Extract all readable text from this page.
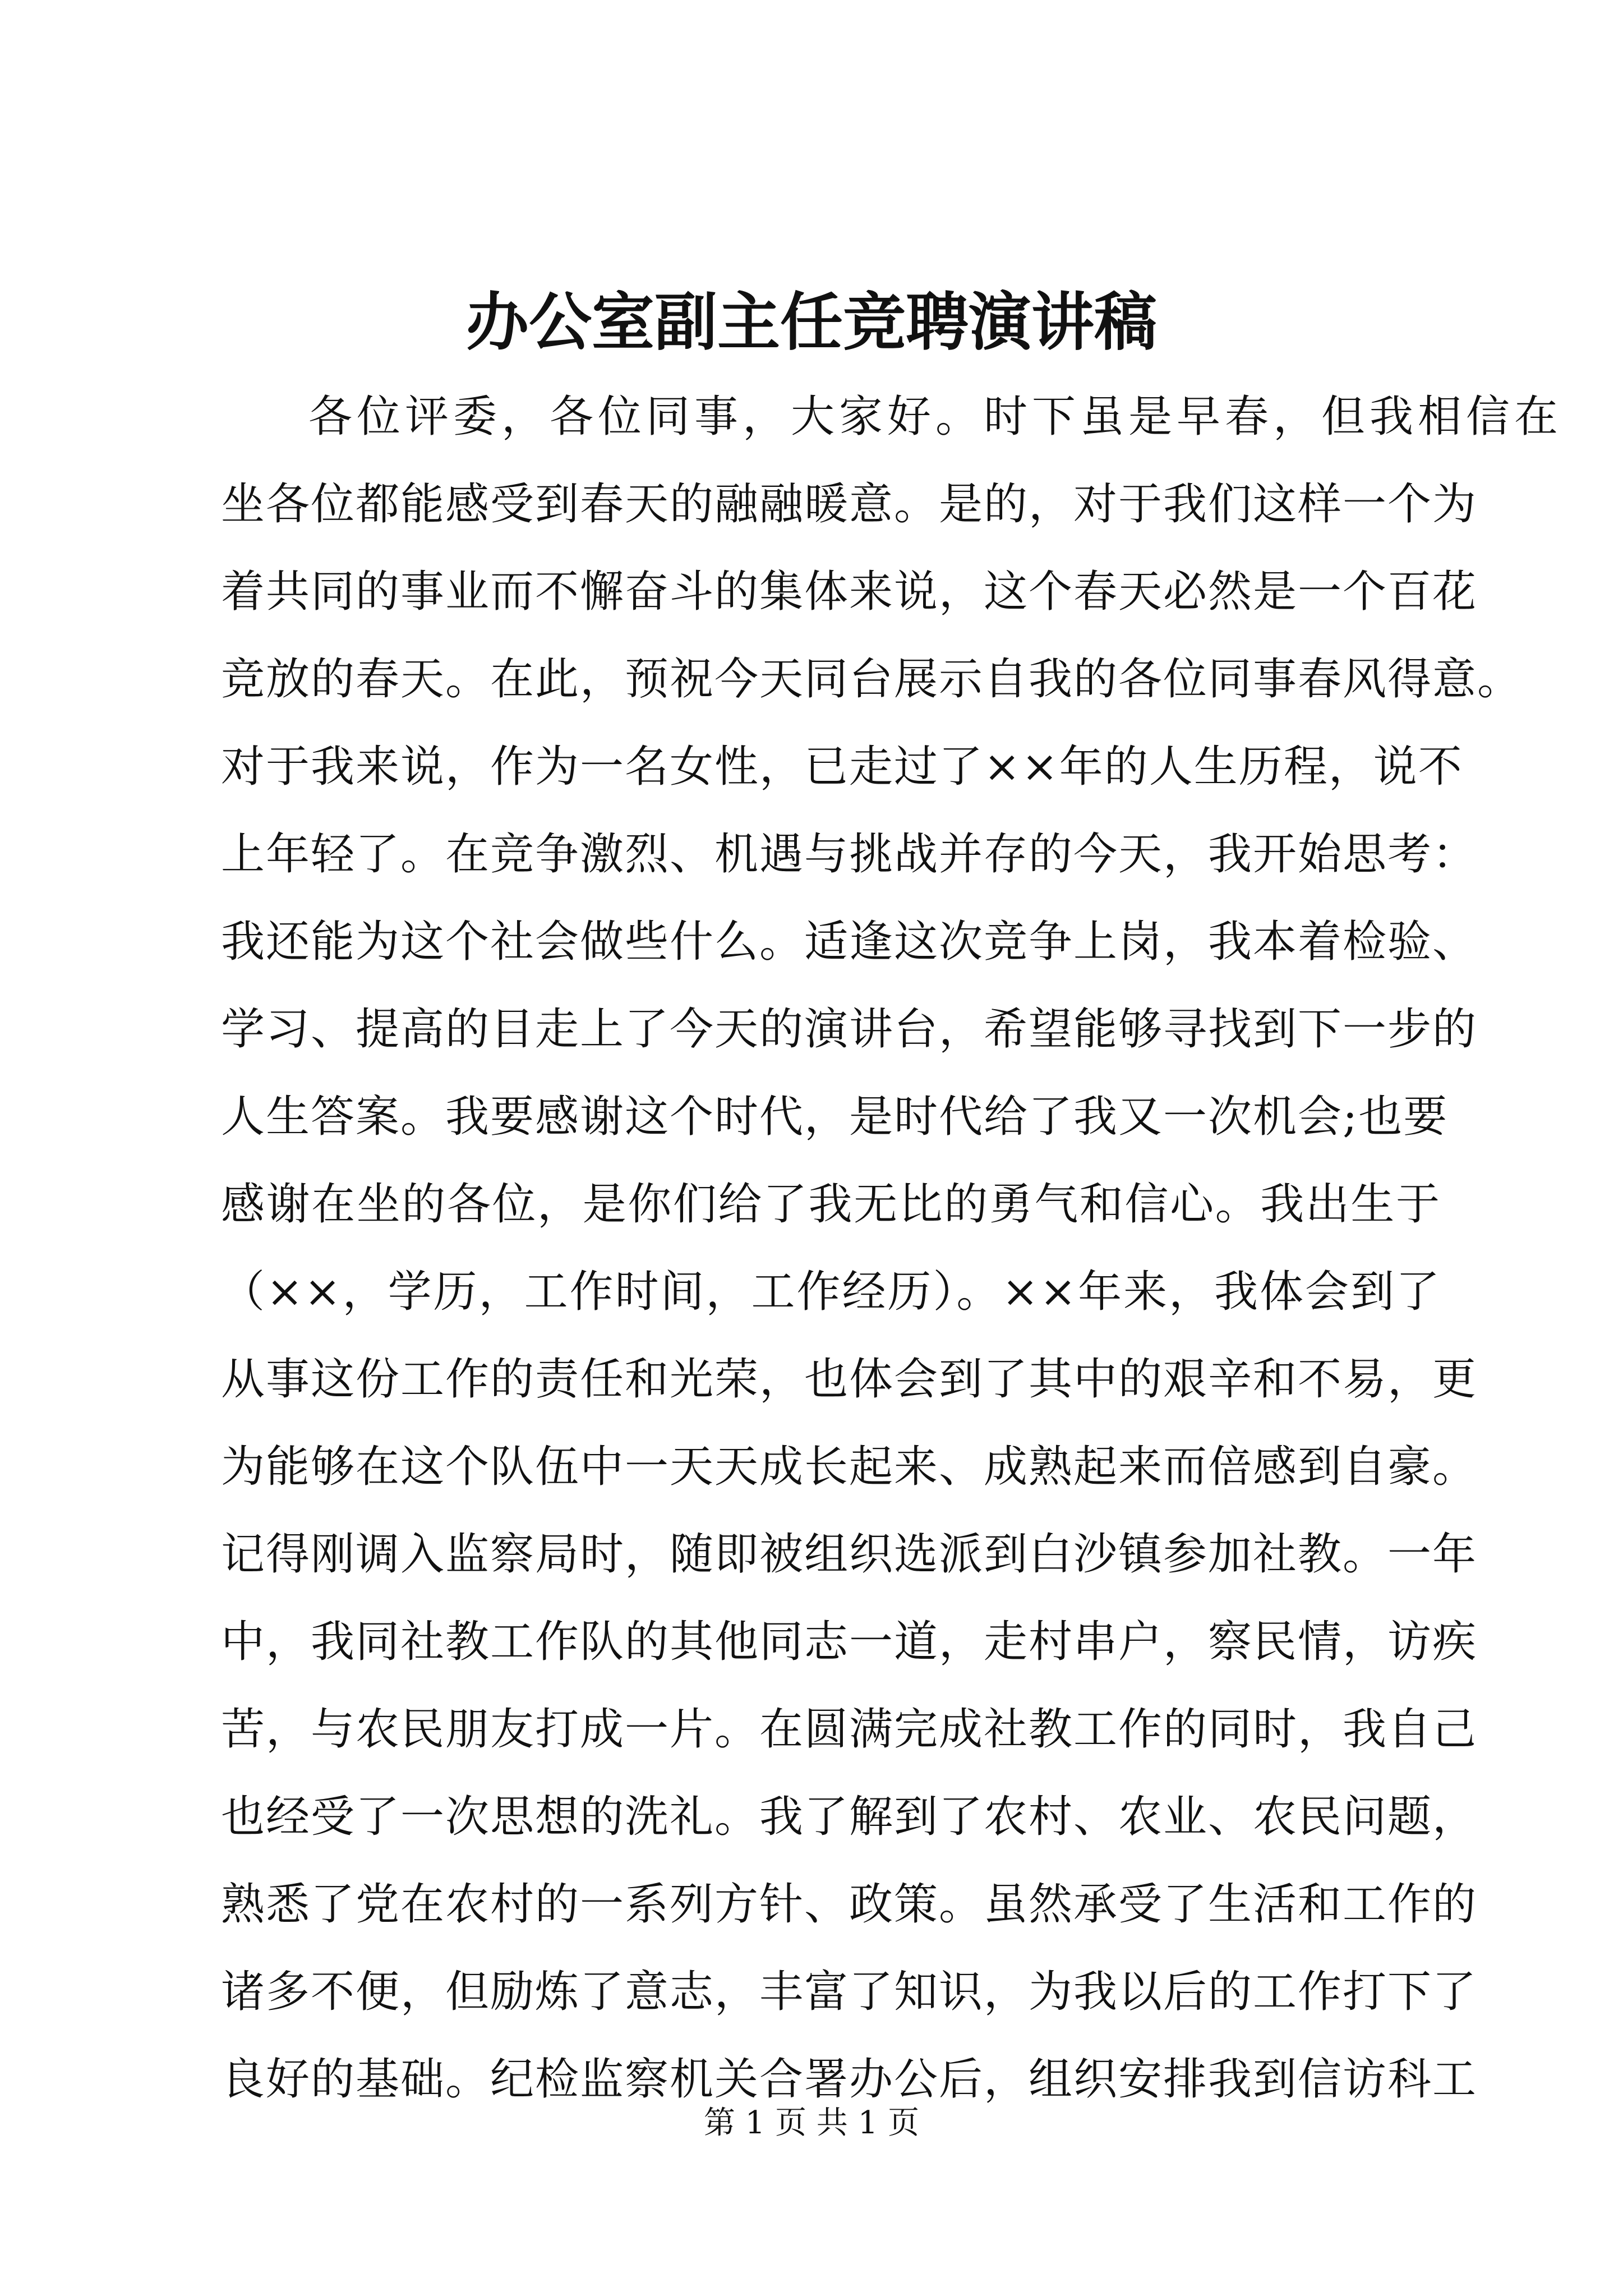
办公室副主任竞聘演讲稿
各位评委，各位同事，大家好。时下虽是早春，但我相信在
坐各位都能感受到春天的融融暖意。是的，对于我们这样一个为
着共同的事业而不懈奋斗的集体来说，这个春天必然是一个百花
竞放的春天。在此，预祝今天同台展示自我的各位同事春风得意。
对于我来说，作为一名女性，已走过了××年的人生历程，说不
上年轻了。在竞争激烈、机遇与挑战并存的今天，我开始思考：
我还能为这个社会做些什么。适逢这次竞争上岗，我本着检验、
学习、提高的目走上了今天的演讲台，希望能够寻找到下一步的
人生答案。我要感谢这个时代，是时代给了我又一次机会;也要
感谢在坐的各位，是你们给了我无比的勇气和信心。我出生于
（××，学历，工作时间，工作经历）。××年来，我体会到了
从事这份工作的责任和光荣，也体会到了其中的艰辛和不易，更
为能够在这个队伍中一天天成长起来、成熟起来而倍感到自豪。
记得刚调入监察局时，随即被组织选派到白沙镇参加社教。一年
中，我同社教工作队的其他同志一道，走村串户，察民情，访疾
苦，与农民朋友打成一片。在圆满完成社教工作的同时，我自己
也经受了一次思想的洗礼。我了解到了农村、农业、农民问题，
熟悉了党在农村的一系列方针、政策。虽然承受了生活和工作的
诸多不便，但励炼了意志，丰富了知识，为我以后的工作打下了
良好的基础。纪检监察机关合署办公后，组织安排我到信访科工
第 1 页 共 1 页
